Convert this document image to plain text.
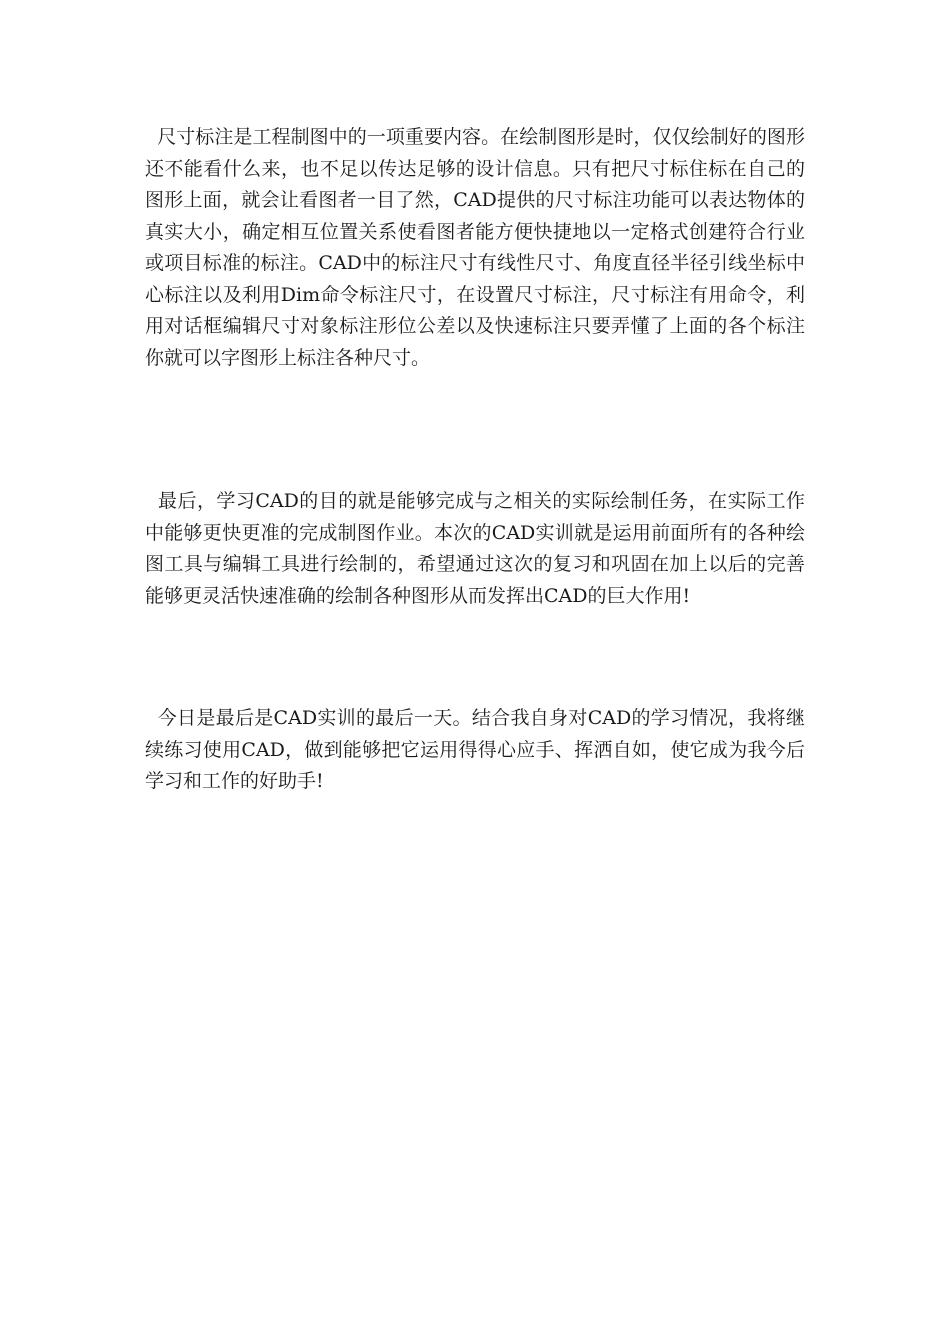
尺寸标注是工程制图中的一项重要内容。在绘制图形是时，仅仅绘制好的图形还不能看什么来，也不足以传达足够的设计信息。只有把尺寸标住标在自己的图形上面，就会让看图者一目了然，CAD提供的尺寸标注功能可以表达物体的真实大小，确定相互位置关系使看图者能方便快捷地以一定格式创建符合行业或项目标准的标注。CAD中的标注尺寸有线性尺寸、角度直径半径引线坐标中心标注以及利用Dim命令标注尺寸，在设置尺寸标注，尺寸标注有用命令，利用对话框编辑尺寸对象标注形位公差以及快速标注只要弄懂了上面的各个标注你就可以字图形上标注各种尺寸。

最后，学习CAD的目的就是能够完成与之相关的实际绘制任务，在实际工作中能够更快更准的完成制图作业。本次的CAD实训就是运用前面所有的各种绘图工具与编辑工具进行绘制的，希望通过这次的复习和巩固在加上以后的完善能够更灵活快速准确的绘制各种图形从而发挥出CAD的巨大作用!

今日是最后是CAD实训的最后一天。结合我自身对CAD的学习情况，我将继续练习使用CAD，做到能够把它运用得得心应手、挥洒自如，使它成为我今后学习和工作的好助手!
